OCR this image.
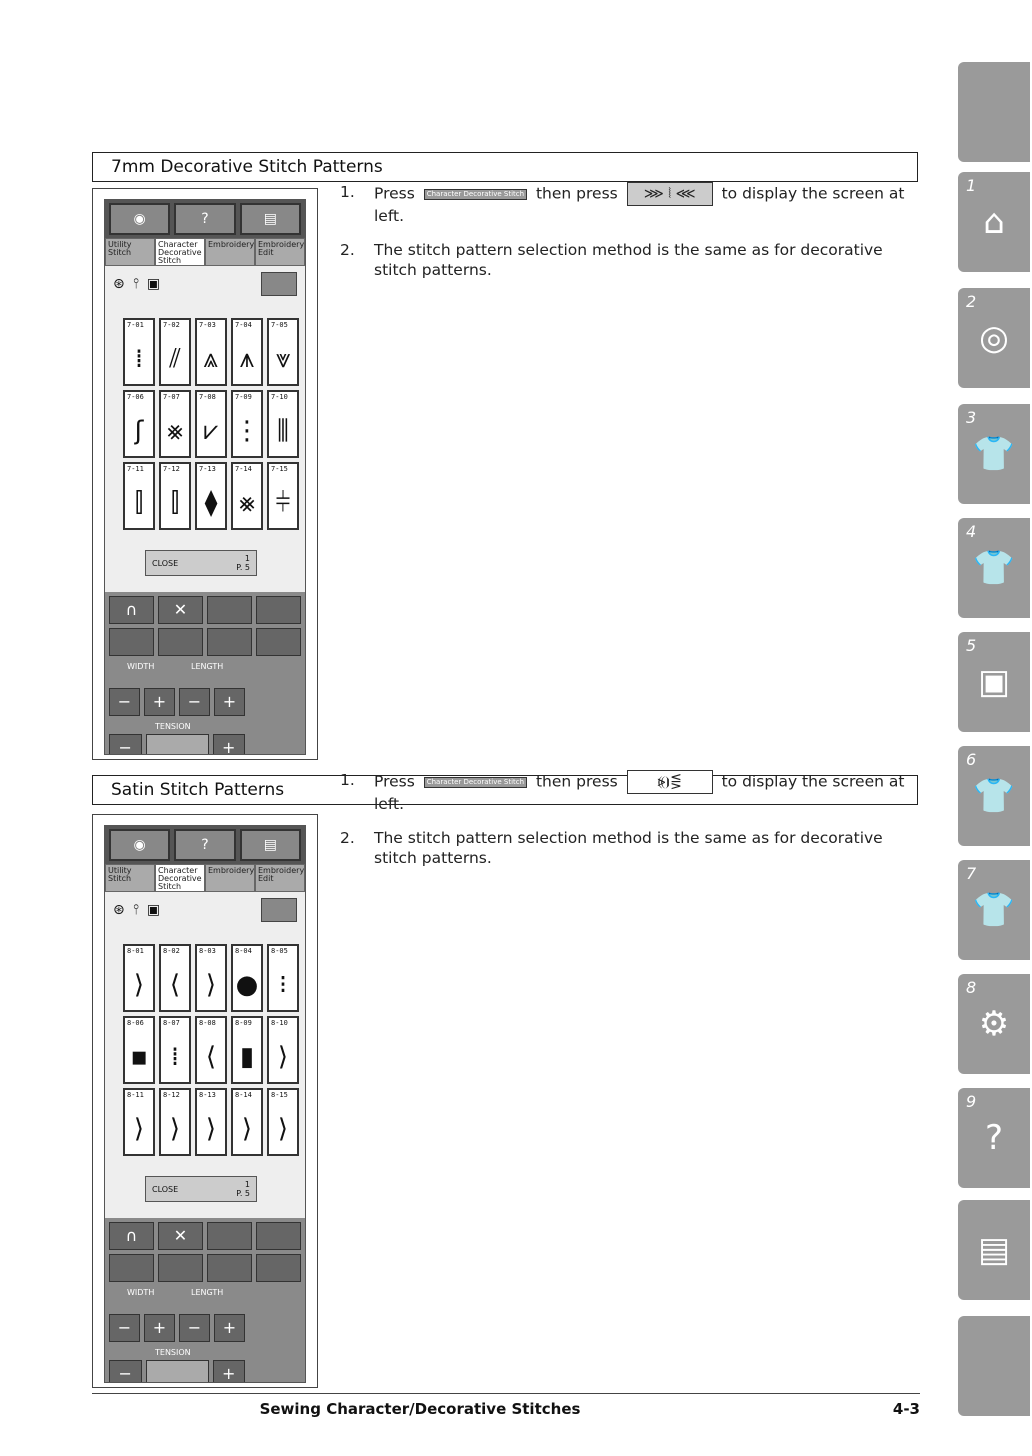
7mm Decorative Stitch Patterns
◉	?	▤
Utility Stitch
Character Decorative Stitch
Embroidery Embroidery Edit
⊛ ⫯ ▣
7-01
⁞
7-02
⫽
7-03
⩓
7-04
⩚
7-05
⩔
7-06
ʃ
7-07
⨳
7-08
⩗
7-09
⋮
7-10
⫼
7-11
⫿
7-12
⫿
7-13
⧫
7-14
⨳
7-15
⫩
CLOSE	1
P. 5
∩	✕
WIDTH	LENGTH
−	+	−	+
TENSION
−	+
1. Press Character Decorative Stitch then press ⋙ ⦚ ⋘ to display the screen at left.
2. The stitch pattern selection method is the same as for decorative stitch patterns.
Satin Stitch Patterns
◉	?	▤
Utility Stitch
Character Decorative Stitch
Embroidery Embroidery Edit
⊛ ⫯ ▣
8-01
⟩
8-02
⟨
8-03
⟩
8-04
●
8-05
⁝
8-06
▪
8-07
⁞
8-08
⟨
8-09
▮
8-10
⟩
8-11
⟩
8-12
⟩
8-13
⟩
8-14
⟩
8-15
⟩
CLOSE	1
P. 5
∩	✕
WIDTH	LENGTH
−	+	−	+
TENSION
−	+
1. Press Character Decorative Stitch then press	⦕⦘⋚	to display the screen at left.
2. The stitch pattern selection method is the same as for decorative stitch patterns.
1
⌂
2
◎
3
👕
4
👕
5
▣
6
👕
7
👕
8
⚙
9
?
▤
Sewing Character/Decorative Stitches	4-3
